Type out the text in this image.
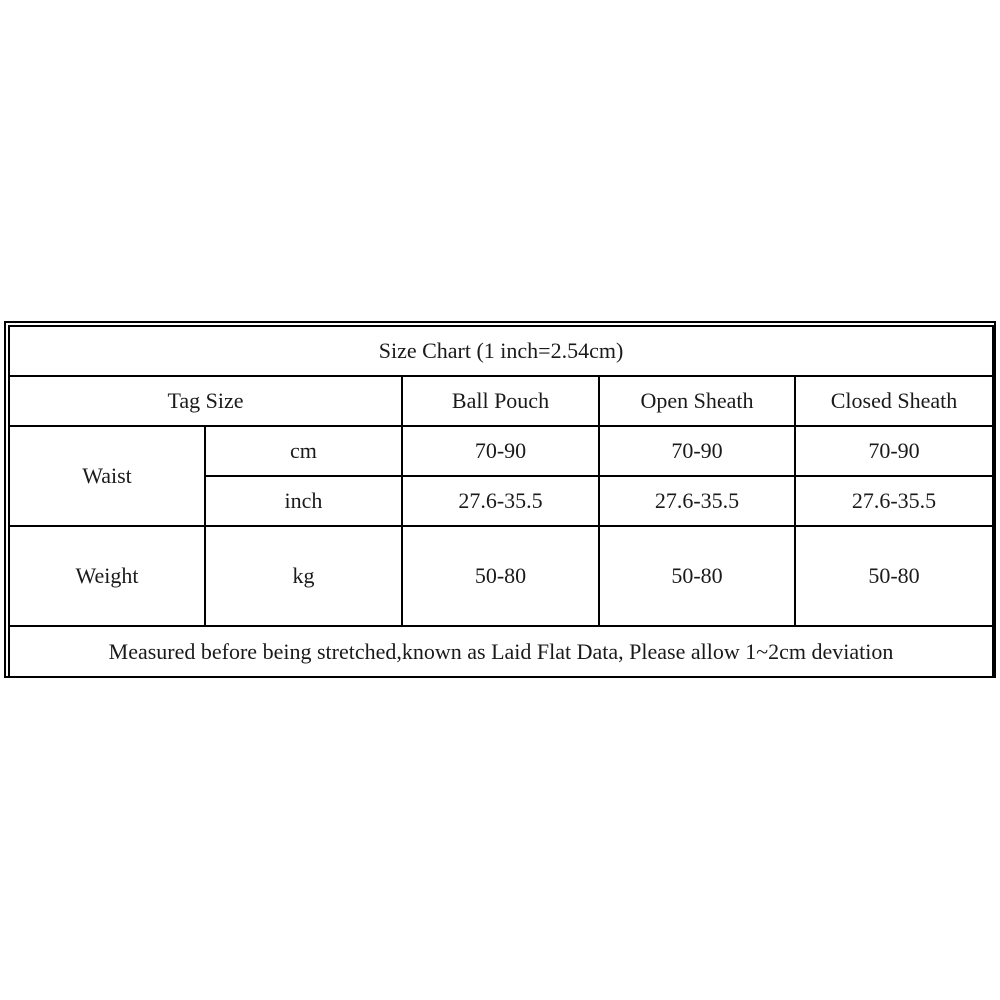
Size Chart (1 inch=2.54cm)				
Tag Size		Ball Pouch	Open Sheath	Closed Sheath
Waist	cm	70-90	70-90	70-90
	inch	27.6-35.5	27.6-35.5	27.6-35.5
Weight	kg	50-80	50-80	50-80
Measured before being stretched,known as Laid Flat Data, Please allow 1~2cm deviation				
